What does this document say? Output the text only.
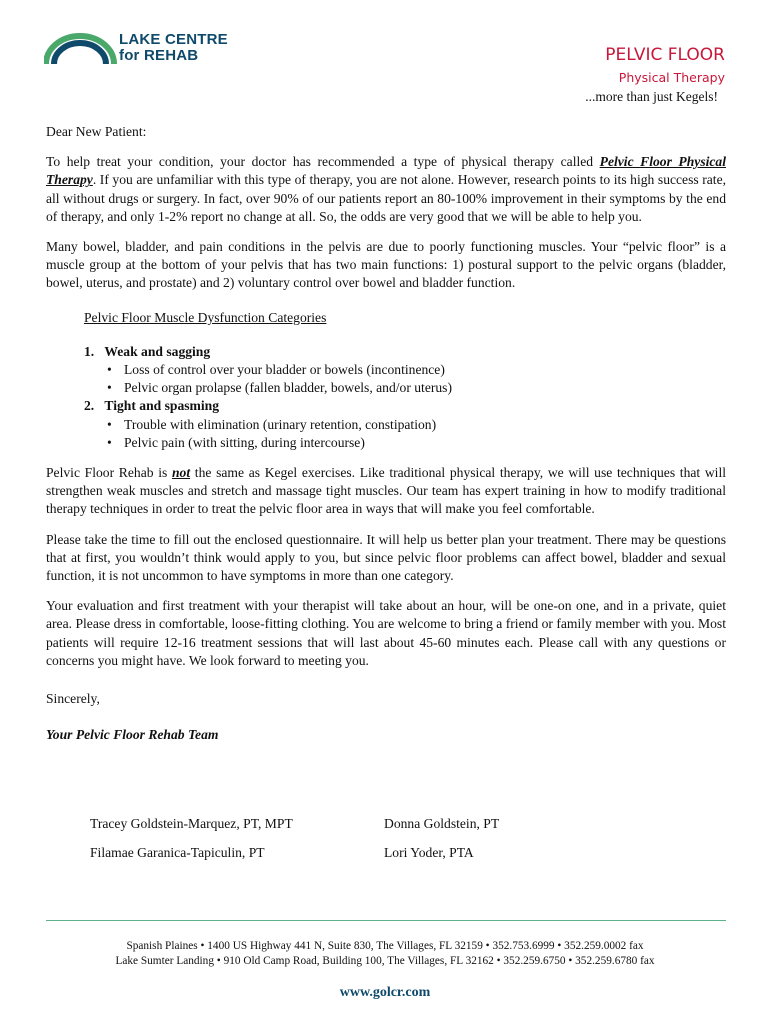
LAKE CENTRE
for REHAB	PELVIC FLOOR
Physical Therapy
...more than just Kegels!

Dear New Patient:

To help treat your condition, your doctor has recommended a type of physical therapy called Pelvic Floor Physical Therapy. If you are unfamiliar with this type of therapy, you are not alone. However, research points to its high success rate, all without drugs or surgery. In fact, over 90% of our patients report an 80-100% improvement in their symptoms by the end of therapy, and only 1-2% report no change at all. So, the odds are very good that we will be able to help you.

Many bowel, bladder, and pain conditions in the pelvis are due to poorly functioning muscles. Your “pelvic floor” is a muscle group at the bottom of your pelvis that has two main functions: 1) postural support to the pelvic organs (bladder, bowel, uterus, and prostate) and 2) voluntary control over bowel and bladder function.

Pelvic Floor Muscle Dysfunction Categories

1. Weak and sagging
• Loss of control over your bladder or bowels (incontinence)
• Pelvic organ prolapse (fallen bladder, bowels, and/or uterus)
2. Tight and spasming
• Trouble with elimination (urinary retention, constipation)
• Pelvic pain (with sitting, during intercourse)

Pelvic Floor Rehab is not the same as Kegel exercises. Like traditional physical therapy, we will use techniques that will strengthen weak muscles and stretch and massage tight muscles. Our team has expert training in how to modify traditional therapy techniques in order to treat the pelvic floor area in ways that will make you feel comfortable.

Please take the time to fill out the enclosed questionnaire. It will help us better plan your treatment. There may be questions that at first, you wouldn’t think would apply to you, but since pelvic floor problems can affect bowel, bladder and sexual function, it is not uncommon to have symptoms in more than one category.

Your evaluation and first treatment with your therapist will take about an hour, will be one-on one, and in a private, quiet area. Please dress in comfortable, loose-fitting clothing. You are welcome to bring a friend or family member with you. Most patients will require 12-16 treatment sessions that will last about 45-60 minutes each. Please call with any questions or concerns you might have. We look forward to meeting you.

Sincerely,

Your Pelvic Floor Rehab Team

Tracey Goldstein-Marquez, PT, MPT	Donna Goldstein, PT
Filamae Garanica-Tapiculin, PT	Lori Yoder, PTA
Spanish Plaines • 1400 US Highway 441 N, Suite 830, The Villages, FL 32159 • 352.753.6999 • 352.259.0002 fax
Lake Sumter Landing • 910 Old Camp Road, Building 100, The Villages, FL 32162 • 352.259.6750 • 352.259.6780 fax
www.golcr.com
